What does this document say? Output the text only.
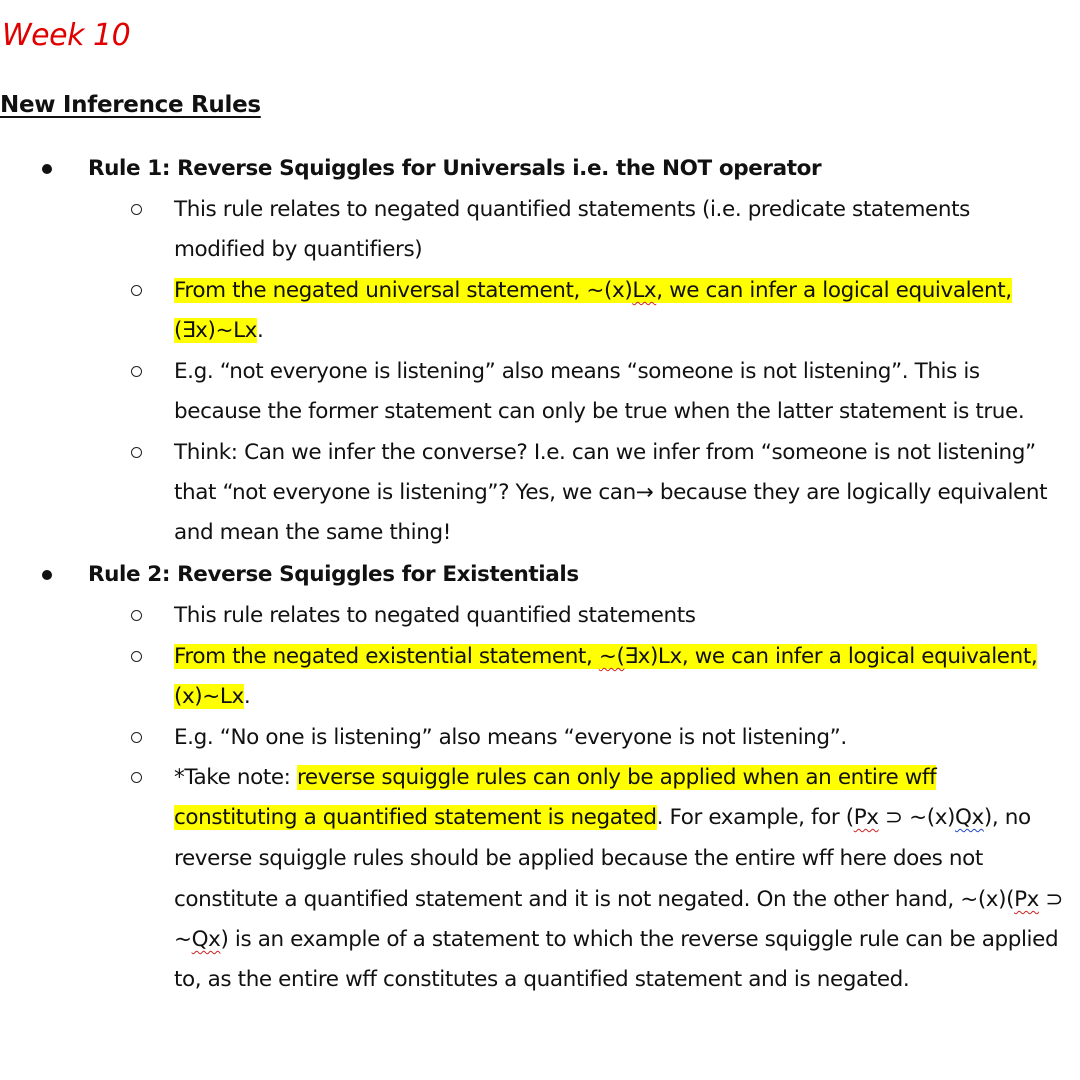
Week 10
New Inference Rules
Rule 1: Reverse Squiggles for Universals i.e. the NOT operator
This rule relates to negated quantified statements (i.e. predicate statements
modified by quantifiers)
From the negated universal statement, ~(x)Lx, we can infer a logical equivalent,
(∃x)~Lx.
E.g. “not everyone is listening” also means “someone is not listening”. This is
because the former statement can only be true when the latter statement is true.
Think: Can we infer the converse? I.e. can we infer from “someone is not listening”
that “not everyone is listening”? Yes, we can→ because they are logically equivalent
and mean the same thing!
Rule 2: Reverse Squiggles for Existentials
This rule relates to negated quantified statements
From the negated existential statement, ~(∃x)Lx, we can infer a logical equivalent,
(x)~Lx.
E.g. “No one is listening” also means “everyone is not listening”.
*Take note: reverse squiggle rules can only be applied when an entire wff
constituting a quantified statement is negated. For example, for (Px ⊃ ~(x)Qx), no
reverse squiggle rules should be applied because the entire wff here does not
constitute a quantified statement and it is not negated. On the other hand, ~(x)(Px ⊃
~Qx) is an example of a statement to which the reverse squiggle rule can be applied
to, as the entire wff constitutes a quantified statement and is negated.
